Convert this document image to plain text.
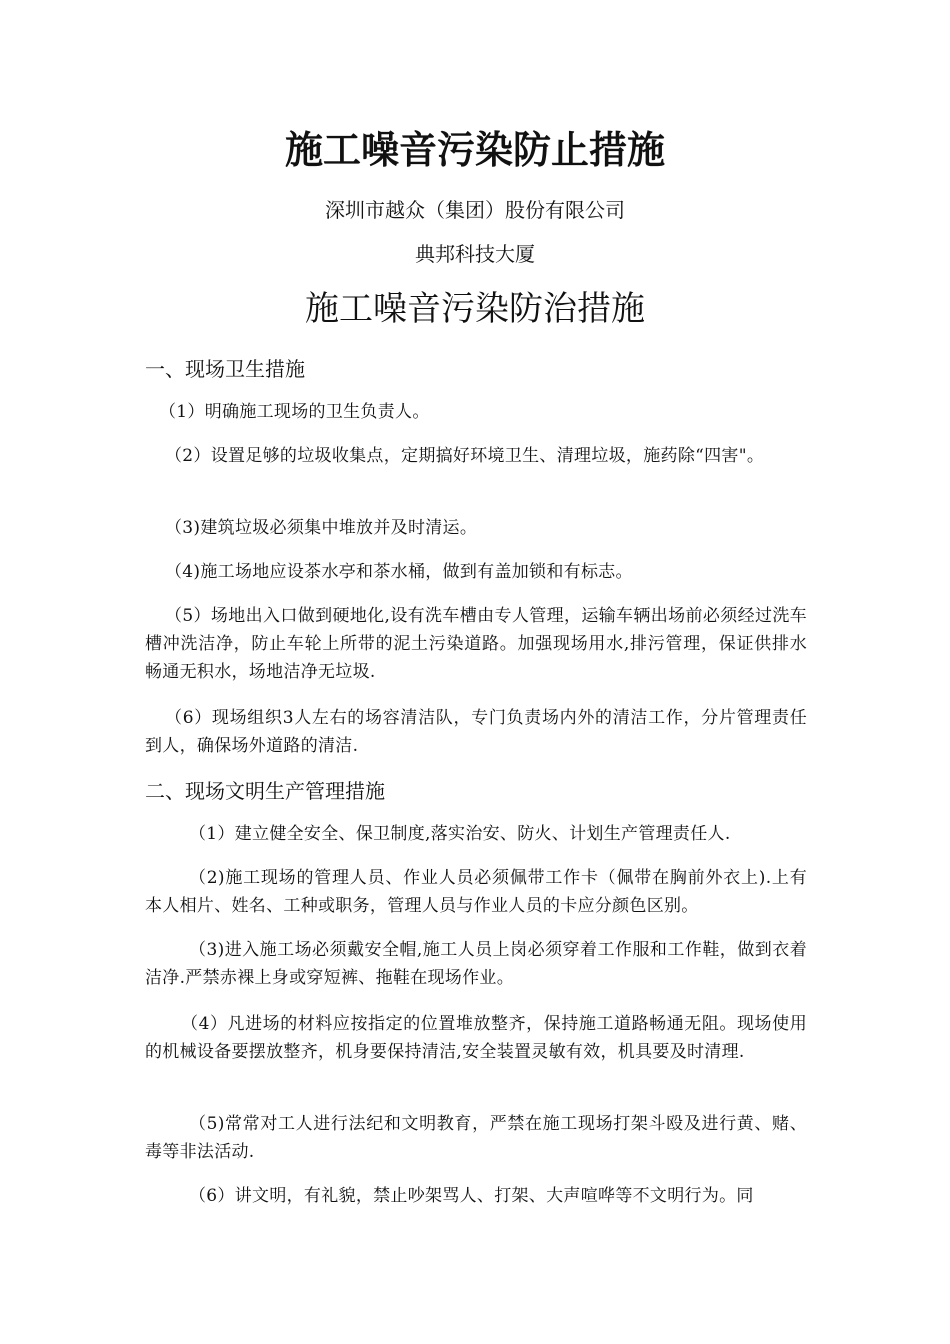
施工噪音污染防止措施
深圳市越众（集团）股份有限公司
典邦科技大厦
施工噪音污染防治措施
一、现场卫生措施
（1）明确施工现场的卫生负责人。
（2）设置足够的垃圾收集点，定期搞好环境卫生、清理垃圾，施药除“四害"。
（3)建筑垃圾必须集中堆放并及时清运。
（4)施工场地应设茶水亭和茶水桶，做到有盖加锁和有标志。
（5）场地出入口做到硬地化,设有洗车槽由专人管理，运输车辆出场前必须经过洗车槽冲洗洁净，防止车轮上所带的泥土污染道路。加强现场用水,排污管理，保证供排水畅通无积水，场地洁净无垃圾.
（6）现场组织3人左右的场容清洁队，专门负责场内外的清洁工作，分片管理责任到人，确保场外道路的清洁.
二、现场文明生产管理措施
（1）建立健全安全、保卫制度,落实治安、防火、计划生产管理责任人.
（2)施工现场的管理人员、作业人员必须佩带工作卡（佩带在胸前外衣上).上有本人相片、姓名、工种或职务，管理人员与作业人员的卡应分颜色区别。
（3)进入施工场必须戴安全帽,施工人员上岗必须穿着工作服和工作鞋，做到衣着洁净.严禁赤裸上身或穿短裤、拖鞋在现场作业。
（4）凡进场的材料应按指定的位置堆放整齐，保持施工道路畅通无阻。现场使用的机械设备要摆放整齐，机身要保持清洁,安全装置灵敏有效，机具要及时清理.
（5)常常对工人进行法纪和文明教育，严禁在施工现场打架斗殴及进行黄、赌、毒等非法活动.
（6）讲文明，有礼貌，禁止吵架骂人、打架、大声喧哗等不文明行为。同
